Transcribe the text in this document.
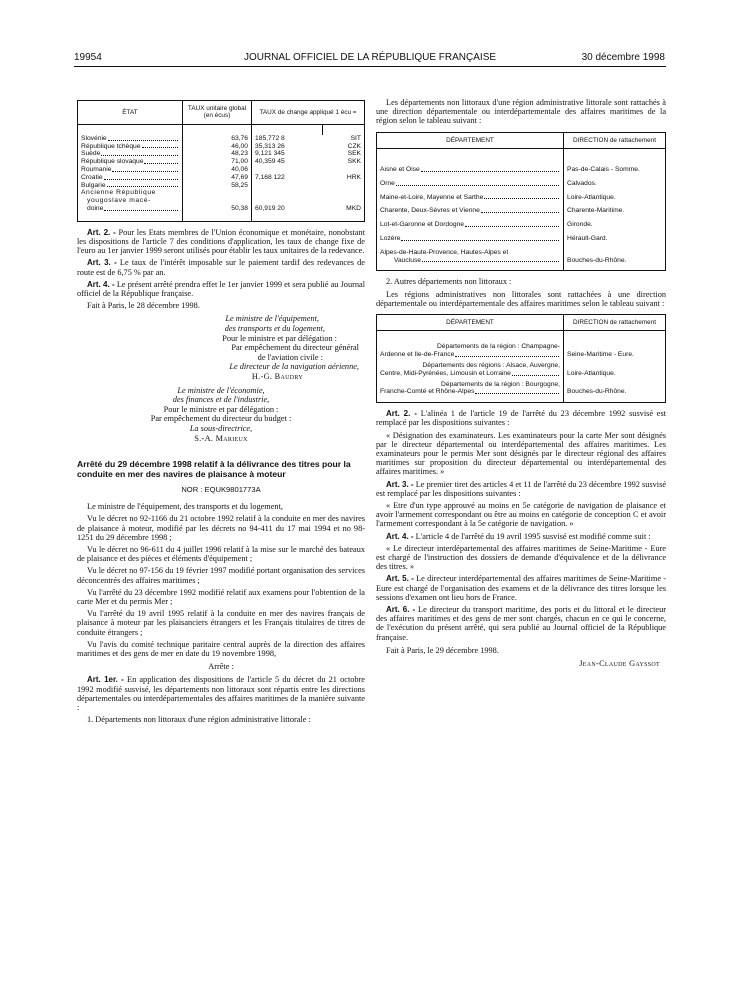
19954	JOURNAL OFFICIEL DE LA RÉPUBLIQUE FRANÇAISE	30 décembre 1998
ÉTAT	TAUX unitaire global (en écus)	TAUX de change appliqué 1 écu =	

Slovénie	63,76	185,772 8	SIT

République tchèque	46,00	35,313 26	CZK

Suède	48,23	9,121 345	SEK

République slovaque	71,00	40,359 45	SKK

Roumanie	40,06		

Croatie	47,69	7,168 122	HRK

Bulgarie	58,25		

Ancienne République
yougoslave macé-
doine	50,38	60,919 20	MKD

Art. 2. - Pour les Etats membres de l'Union économique et monétaire, nonobstant les dispositions de l'article 7 des conditions d'application, les taux de change fixe de l'euro au 1er janvier 1999 seront utilisés pour établir les taux unitaires de la redevance.

Art. 3. - Le taux de l'intérêt imposable sur le paiement tardif des redevances de route est de 6,75 % par an.

Art. 4. - Le présent arrêté prendra effet le 1er janvier 1999 et sera publié au Journal officiel de la République française.

Fait à Paris, le 28 décembre 1998.

Le ministre de l'équipement,
des transports et du logement,
Pour le ministre et par délégation :
Par empêchement du directeur général
de l'aviation civile :
Le directeur de la navigation aérienne,
H.-G. Baudry
Le ministre de l'économie,
des finances et de l'industrie,
Pour le ministre et par délégation :
Par empêchement du directeur du budget :
La sous-directrice,
S.-A. Marieux
Arrêté du 29 décembre 1998 relatif à la délivrance des titres pour la conduite en mer des navires de plaisance à moteur
NOR : EQUK9801773A

Le ministre de l'équipement, des transports et du logement,

Vu le décret no 92-1166 du 21 octobre 1992 relatif à la conduite en mer des navires de plaisance à moteur, modifié par les décrets no 94-411 du 17 mai 1994 et no 98-1251 du 29 décembre 1998 ;

Vu le décret no 96-611 du 4 juillet 1996 relatif à la mise sur le marché des bateaux de plaisance et des pièces et éléments d'équipement ;

Vu le décret no 97-156 du 19 février 1997 modifié portant organisation des services déconcentrés des affaires maritimes ;

Vu l'arrêté du 23 décembre 1992 modifié relatif aux examens pour l'obtention de la carte Mer et du permis Mer ;

Vu l'arrêté du 19 avril 1995 relatif à la conduite en mer des navires français de plaisance à moteur par les plaisanciers étrangers et les Français titulaires de titres de conduite étrangers ;

Vu l'avis du comité technique paritaire central auprès de la direction des affaires maritimes et des gens de mer en date du 19 novembre 1998,

Arrête :

Art. 1er. - En application des dispositions de l'article 5 du décret du 21 octobre 1992 modifié susvisé, les départements non littoraux sont répartis entre les directions départementales ou interdépartementales des affaires maritimes de la manière suivante :

1. Départements non littoraux d'une région administrative littorale :

Les départements non littoraux d'une région administrative littorale sont rattachés à une direction départementale ou interdépartementale des affaires maritimes de la région selon le tableau suivant :

DÉPARTEMENT	DIRECTION de rattachement

Aisne et Oise	Pas-de-Calais - Somme.

Orne	Calvados.

Maine-et-Loire, Mayenne et Sarthe	Loire-Atlantique.

Charente, Deux-Sèvres et Vienne	Charente-Maritime.

Lot-et-Garonne et Dordogne	Gironde.

Lozère	Hérault-Gard.

Alpes-de-Haute-Provence, Hautes-Alpes et
Vaucluse	Bouches-du-Rhône.

2. Autres départements non littoraux :

Les régions administratives non littorales sont rattachées à une direction départementale ou interdépartementale des affaires maritimes selon le tableau suivant :

DÉPARTEMENT	DIRECTION de rattachement

Départements de la région : Champagne-
Ardenne et Ile-de-France	Seine-Maritime - Eure.

Départements des régions : Alsace, Auvergne,
Centre, Midi-Pyrénées, Limousin et Lorraine	Loire-Atlantique.

Départements de la région : Bourgogne,
Franche-Comté et Rhône-Alpes	Bouches-du-Rhône.

Art. 2. - L'alinéa 1 de l'article 19 de l'arrêté du 23 décembre 1992 susvisé est remplacé par les dispositions suivantes :

« Désignation des examinateurs. Les examinateurs pour la carte Mer sont désignés par le directeur départemental ou interdépartemental des affaires maritimes. Les examinateurs pour le permis Mer sont désignés par le directeur régional des affaires maritimes sur proposition du directeur départemental ou interdépartemental des affaires maritimes. »

Art. 3. - Le premier tiret des articles 4 et 11 de l'arrêté du 23 décembre 1992 susvisé est remplacé par les dispositions suivantes :

« Etre d'un type approuvé au moins en 5e catégorie de navigation de plaisance et avoir l'armement correspondant ou être au moins en catégorie de conception C et avoir l'armement correspondant à la 5e catégorie de navigation. »

Art. 4. - L'article 4 de l'arrêté du 19 avril 1995 susvisé est modifié comme suit :

« Le directeur interdépartemental des affaires maritimes de Seine-Maritime - Eure est chargé de l'instruction des dossiers de demande d'équivalence et de la délivrance des titres. »

Art. 5. - Le directeur interdépartemental des affaires maritimes de Seine-Maritime - Eure est chargé de l'organisation des examens et de la délivrance des titres lorsque les sessions d'examen ont lieu hors de France.

Art. 6. - Le directeur du transport maritime, des ports et du littoral et le directeur des affaires maritimes et des gens de mer sont chargés, chacun en ce qui le concerne, de l'exécution du présent arrêté, qui sera publié au Journal officiel de la République française.

Fait à Paris, le 29 décembre 1998.

Jean-Claude Gayssot
